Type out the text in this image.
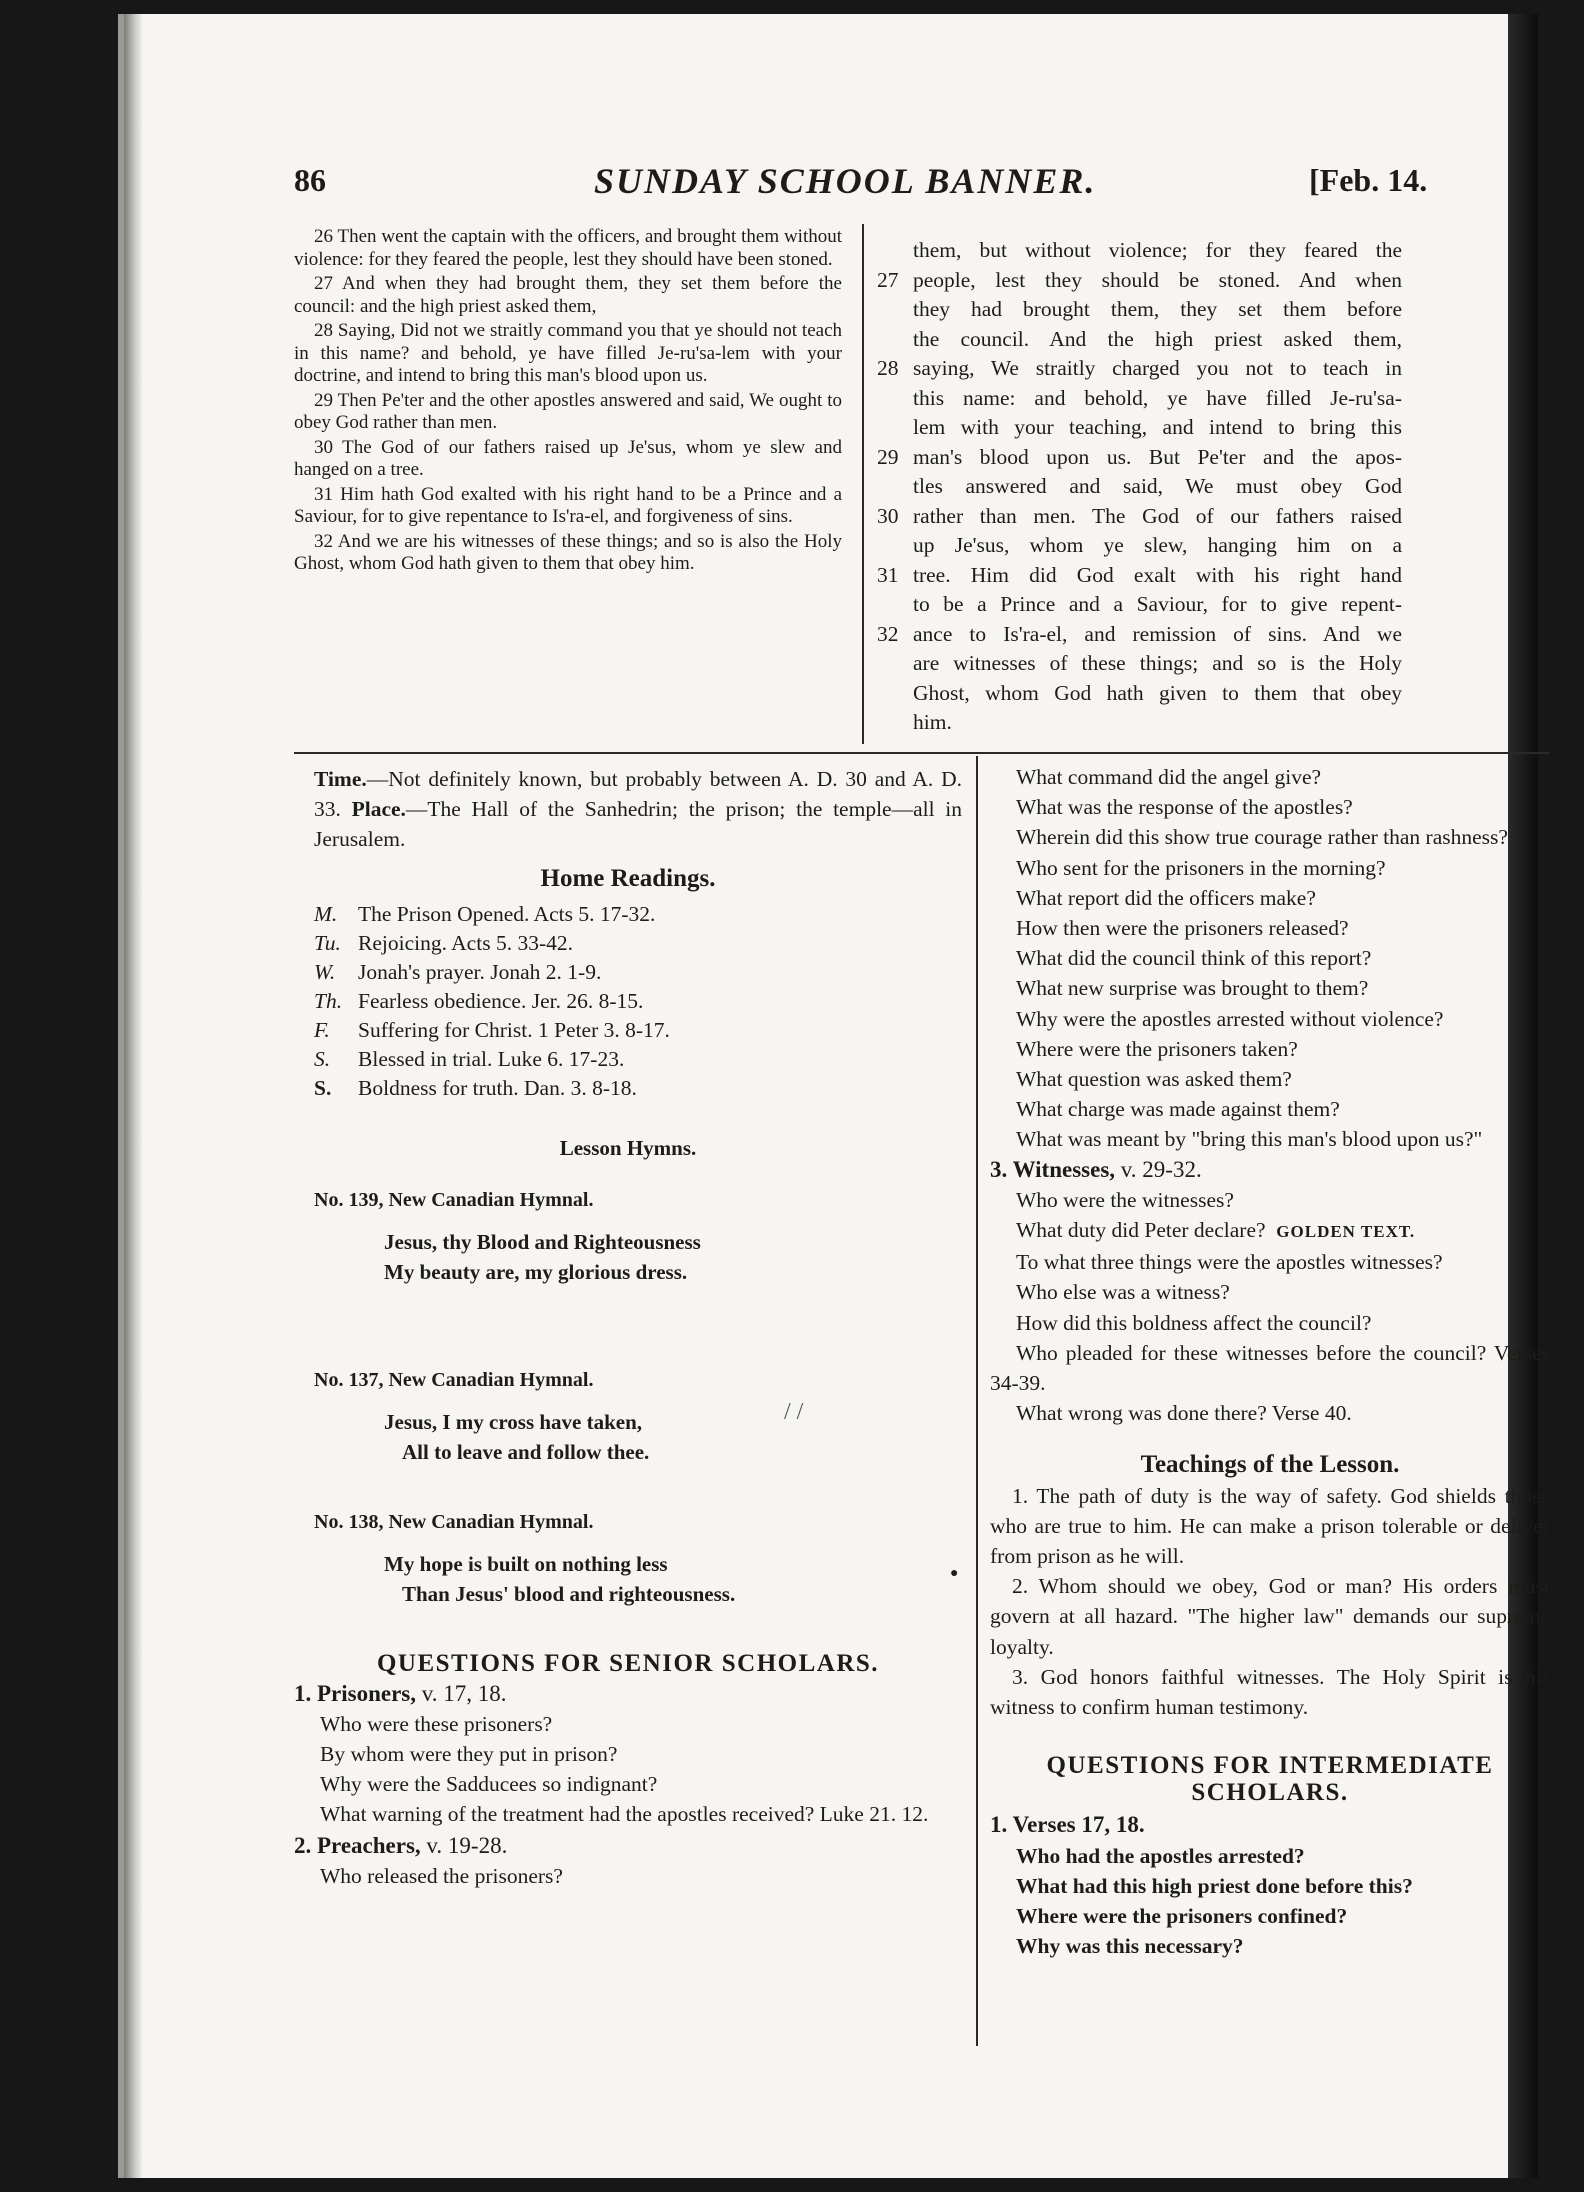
86	SUNDAY SCHOOL BANNER.	[Feb. 14.

26 Then went the captain with the officers, and brought them without violence: for they feared the people, lest they should have been stoned.

27 And when they had brought them, they set them before the council: and the high priest asked them,

28 Saying, Did not we straitly command you that ye should not teach in this name? and behold, ye have filled Je-ru'sa-lem with your doctrine, and intend to bring this man's blood upon us.

29 Then Pe'ter and the other apostles answered and said, We ought to obey God rather than men.

30 The God of our fathers raised up Je'sus, whom ye slew and hanged on a tree.

31 Him hath God exalted with his right hand to be a Prince and a Saviour, for to give repentance to Is'ra-el, and forgiveness of sins.

32 And we are his witnesses of these things; and so is also the Holy Ghost, whom God hath given to them that obey him.

them, but without violence; for they feared the
27 people, lest they should be stoned. And when
they had brought them, they set them before
the council. And the high priest asked them,
28 saying, We straitly charged you not to teach in
this name: and behold, ye have filled Je-ru'sa-
lem with your teaching, and intend to bring this
29 man's blood upon us. But Pe'ter and the apos-
tles answered and said, We must obey God
30 rather than men. The God of our fathers raised
up Je'sus, whom ye slew, hanging him on a
31 tree. Him did God exalt with his right hand
to be a Prince and a Saviour, for to give repent-
32 ance to Is'ra-el, and remission of sins. And we
are witnesses of these things; and so is the Holy
Ghost, whom God hath given to them that obey
him.
Time.—Not definitely known, but probably between A. D. 30 and A. D. 33. Place.—The Hall of the Sanhedrin; the prison; the temple—all in Jerusalem.
Home Readings.
M. The Prison Opened. Acts 5. 17-32.
Tu. Rejoicing. Acts 5. 33-42.
W.	Jonah's prayer. Jonah 2. 1-9.
Th. Fearless obedience. Jer. 26. 8-15.
F.	Suffering for Christ. 1 Peter 3. 8-17.
S.	Blessed in trial. Luke 6. 17-23.
S.	Boldness for truth. Dan. 3. 8-18.
Lesson Hymns.
No. 139, New Canadian Hymnal.
Jesus, thy Blood and Righteousness
My beauty are, my glorious dress.
No. 137, New Canadian Hymnal.
Jesus, I my cross have taken,
All to leave and follow thee.
No. 138, New Canadian Hymnal.
My hope is built on nothing less
Than Jesus' blood and righteousness.
QUESTIONS FOR SENIOR SCHOLARS.
1. Prisoners, v. 17, 18.
Who were these prisoners?
By whom were they put in prison?
Why were the Sadducees so indignant?
What warning of the treatment had the apostles received? Luke 21. 12.
2. Preachers, v. 19-28.
Who released the prisoners?
What command did the angel give?
What was the response of the apostles?
Wherein did this show true courage rather than rashness?
Who sent for the prisoners in the morning?
What report did the officers make?
How then were the prisoners released?
What did the council think of this report?
What new surprise was brought to them?
Why were the apostles arrested without violence?
Where were the prisoners taken?
What question was asked them?
What charge was made against them?
What was meant by "bring this man's blood upon us?"
3. Witnesses, v. 29-32.
Who were the witnesses?
What duty did Peter declare? GOLDEN TEXT.
To what three things were the apostles witnesses?
Who else was a witness?
How did this boldness affect the council?
Who pleaded for these witnesses before the council? Verses 34-39.
What wrong was done there? Verse 40.
Teachings of the Lesson.
1. The path of duty is the way of safety. God shields those who are true to him. He can make a prison tolerable or deliver from prison as he will.
2. Whom should we obey, God or man? His orders must govern at all hazard. "The higher law" demands our supreme loyalty.
3. God honors faithful witnesses. The Holy Spirit is his witness to confirm human testimony.
QUESTIONS FOR INTERMEDIATE
SCHOLARS.
1. Verses 17, 18.
Who had the apostles arrested?
What had this high priest done before this?
Where were the prisoners confined?
Why was this necessary?
/ /
●
